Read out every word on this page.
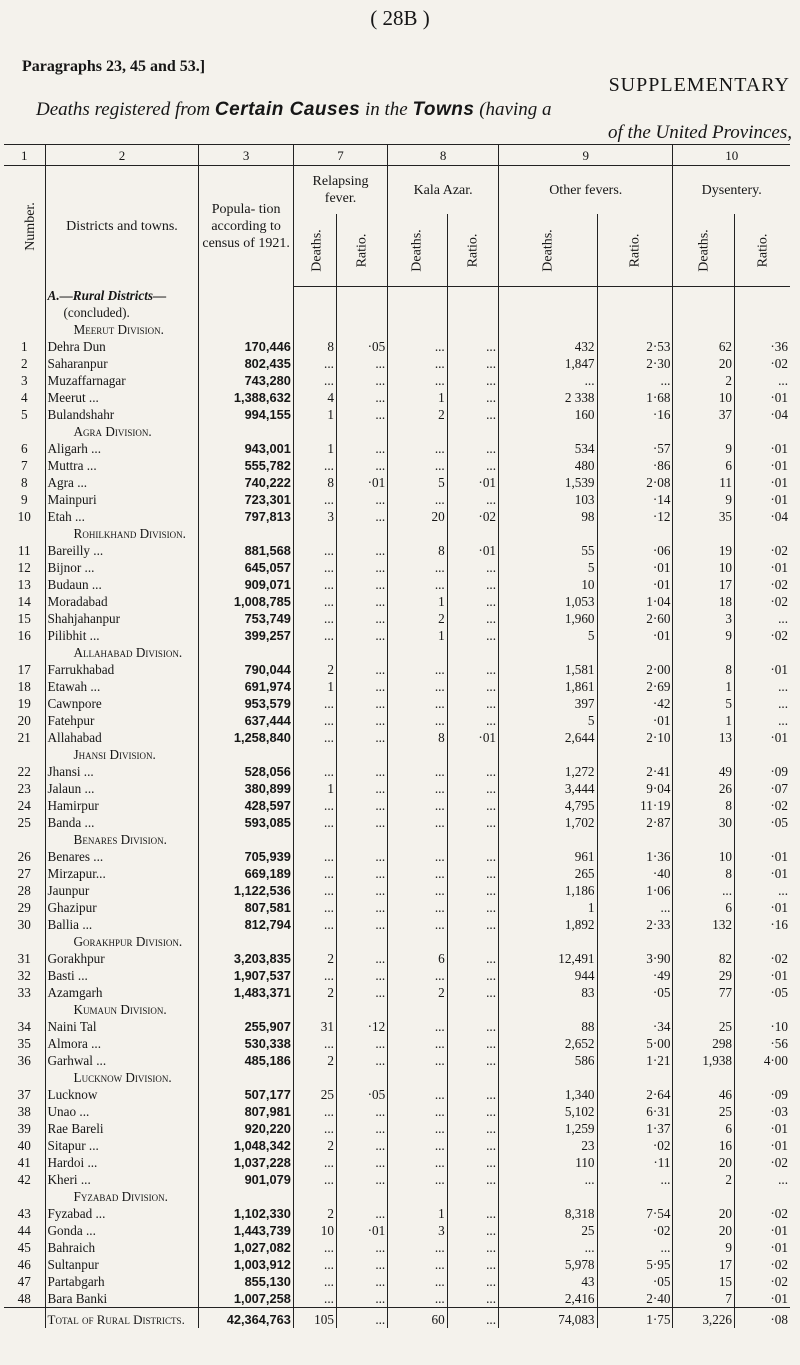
( 28B )
Paragraphs 23, 45 and 53.]
SUPPLEMENTARY
Deaths registered from Certain Causes in the Towns (having a
of the United Provinces,
1	2	3	7		8		9		10	
Number.	Districts and towns.	Popula- tion according to census of 1921.	Relapsing fever.		Kala Azar.		Other fevers.		Dysentery.	
			Deaths.	Ratio.	Deaths.	Ratio.	Deaths.	Ratio.	Deaths.	Ratio.
	A.—Rural Districts—									
	(concluded).									
	Meerut Division.									
1	Dehra Dun	170,446	8	·05	...	...	432	2·53	62	·36
2	Saharanpur	802,435	...	...	...	...	1,847	2·30	20	·02
3	Muzaffarnagar	743,280	...	...	...	...	...	...	2	...
4	Meerut ...	1,388,632	4	...	1	...	2 338	1·68	10	·01
5	Bulandshahr	994,155	1	...	2	...	160	·16	37	·04
	Agra Division.									
6	Aligarh ...	943,001	1	...	...	...	534	·57	9	·01
7	Muttra ...	555,782	...	...	...	...	480	·86	6	·01
8	Agra ...	740,222	8	·01	5	·01	1,539	2·08	11	·01
9	Mainpuri	723,301	...	...	...	...	103	·14	9	·01
10	Etah ...	797,813	3	...	20	·02	98	·12	35	·04
	Rohilkhand Division.									
11	Bareilly ...	881,568	...	...	8	·01	55	·06	19	·02
12	Bijnor ...	645,057	...	...	...	...	5	·01	10	·01
13	Budaun ...	909,071	...	...	...	...	10	·01	17	·02
14	Moradabad	1,008,785	...	...	1	...	1,053	1·04	18	·02
15	Shahjahanpur	753,749	...	...	2	...	1,960	2·60	3	...
16	Pilibhit ...	399,257	...	...	1	...	5	·01	9	·02
	Allahabad Division.									
17	Farrukhabad	790,044	2	...	...	...	1,581	2·00	8	·01
18	Etawah ...	691,974	1	...	...	...	1,861	2·69	1	...
19	Cawnpore	953,579	...	...	...	...	397	·42	5	...
20	Fatehpur	637,444	...	...	...	...	5	·01	1	...
21	Allahabad	1,258,840	...	...	8	·01	2,644	2·10	13	·01
	Jhansi Division.									
22	Jhansi ...	528,056	...	...	...	...	1,272	2·41	49	·09
23	Jalaun ...	380,899	1	...	...	...	3,444	9·04	26	·07
24	Hamirpur	428,597	...	...	...	...	4,795	11·19	8	·02
25	Banda ...	593,085	...	...	...	...	1,702	2·87	30	·05
	Benares Division.									
26	Benares ...	705,939	...	...	...	...	961	1·36	10	·01
27	Mirzapur...	669,189	...	...	...	...	265	·40	8	·01
28	Jaunpur	1,122,536	...	...	...	...	1,186	1·06	...	...
29	Ghazipur	807,581	...	...	...	...	1	...	6	·01
30	Ballia ...	812,794	...	...	...	...	1,892	2·33	132	·16
	Gorakhpur Division.									
31	Gorakhpur	3,203,835	2	...	6	...	12,491	3·90	82	·02
32	Basti ...	1,907,537	...	...	...	...	944	·49	29	·01
33	Azamgarh	1,483,371	2	...	2	...	83	·05	77	·05
	Kumaun Division.									
34	Naini Tal	255,907	31	·12	...	...	88	·34	25	·10
35	Almora ...	530,338	...	...	...	...	2,652	5·00	298	·56
36	Garhwal ...	485,186	2	...	...	...	586	1·21	1,938	4·00
	Lucknow Division.									
37	Lucknow	507,177	25	·05	...	...	1,340	2·64	46	·09
38	Unao ...	807,981	...	...	...	...	5,102	6·31	25	·03
39	Rae Bareli	920,220	...	...	...	...	1,259	1·37	6	·01
40	Sitapur ...	1,048,342	2	...	...	...	23	·02	16	·01
41	Hardoi ...	1,037,228	...	...	...	...	110	·11	20	·02
42	Kheri ...	901,079	...	...	...	...	...	...	2	...
	Fyzabad Division.									
43	Fyzabad ...	1,102,330	2	...	1	...	8,318	7·54	20	·02
44	Gonda ...	1,443,739	10	·01	3	...	25	·02	20	·01
45	Bahraich	1,027,082	...	...	...	...	...	...	9	·01
46	Sultanpur	1,003,912	...	...	...	...	5,978	5·95	17	·02
47	Partabgarh	855,130	...	...	...	...	43	·05	15	·02
48	Bara Banki	1,007,258	...	...	...	...	2,416	2·40	7	·01
	Total of Rural Districts.	42,364,763	105	...	60	...	74,083	1·75	3,226	·08
